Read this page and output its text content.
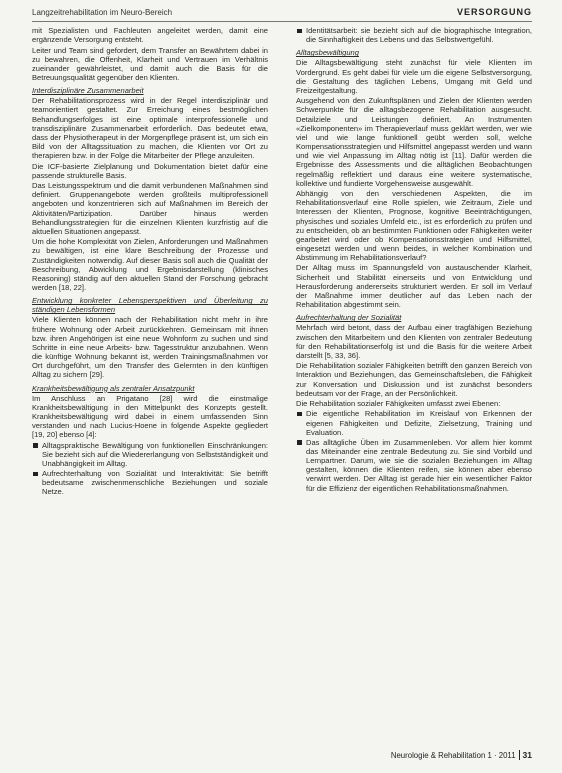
Langzeitrehabilitation im Neuro-Bereich	VERSORGUNG

mit Spezialisten und Fachleuten angeleitet werden, damit eine ergänzende Versorgung entsteht.

Leiter und Team sind gefordert, dem Transfer an Bewährtem dabei in zu bewahren, die Offenheit, Klarheit und Vertrauen im Verhältnis zueinander gewährleistet, und damit auch die Basis für die Betreuungsqualität gegenüber den Klienten.

Interdisziplinäre Zusammenarbeit

Der Rehabilitationsprozess wird in der Regel interdisziplinär und teamorientiert gestaltet. Zur Erreichung eines bestmöglichen Behandlungserfolges ist eine optimale interprofessionelle und transdisziplinäre Zusammenarbeit erforderlich. Das bedeutet etwa, dass der Physiotherapeut in der Morgenpflege präsent ist, um sich ein Bild von der Alltagssituation zu machen, die Klienten vor Ort zu therapieren bzw. in der Folge die Mitarbeiter der Pflege anzuleiten.

Die ICF-basierte Zielplanung und Dokumentation bietet dafür eine passende strukturelle Basis.

Das Leistungsspektrum und die damit verbundenen Maßnahmen sind definiert. Gruppenangebote werden großteils multiprofessionell angeboten und konzentrieren sich auf Maßnahmen im Bereich der Aktivitäten/Partizipation. Darüber hinaus werden Behandlungsstrategien für die einzelnen Klienten kurzfristig auf die aktuellen Situationen angepasst.

Um die hohe Komplexität von Zielen, Anforderungen und Maßnahmen zu bewältigen, ist eine klare Beschreibung der Prozesse und Zuständigkeiten notwendig. Auf dieser Basis soll auch die Qualität der Beschreibung, Abwicklung und Ergebnisdarstellung (klinisches Reasoning) ständig auf den aktuellen Stand der Forschung gebracht werden [18, 22].

Entwicklung konkreter Lebensperspektiven und Überleitung zu ständigen Lebensformen

Viele Klienten können nach der Rehabilitation nicht mehr in ihre frühere Wohnung oder Arbeit zurückkehren. Gemeinsam mit ihnen bzw. ihren Angehörigen ist eine neue Wohnform zu suchen und sind Schritte in eine neue Arbeits- bzw. Tagesstruktur anzubahnen. Wenn die künftige Wohnung bekannt ist, werden Trainingsmaßnahmen vor Ort durchgeführt, um den Transfer des Gelernten in den künftigen Alltag zu sichern [29].

Krankheitsbewältigung als zentraler Ansatzpunkt

Im Anschluss an Prigatano [28] wird die einstmalige Krankheitsbewältigung in den Mittelpunkt des Konzepts gestellt. Krankheitsbewältigung wird dabei in einem umfassenden Sinn verstanden und nach Lucius-Hoene in folgende Aspekte gegliedert [19, 20] ebenso [4]:

Alltagspraktische Bewältigung von funktionellen Einschränkungen: Sie bezieht sich auf die Wiedererlangung von Selbstständigkeit und Unabhängigkeit im Alltag.
Aufrechterhaltung von Sozialität und Interaktivität: Sie betrifft bedeutsame zwischenmenschliche Beziehungen und soziale Netze.
Identitätsarbeit: sie bezieht sich auf die biographische Integration, die Sinnhaftigkeit des Lebens und das Selbstwertgefühl.
Alltagsbewältigung

Die Alltagsbewältigung steht zunächst für viele Klienten im Vordergrund. Es geht dabei für viele um die eigene Selbstversorgung, die Gestaltung des täglichen Lebens, Umgang mit Geld und Freizeitgestaltung.

Ausgehend von den Zukunftsplänen und Zielen der Klienten werden Schwerpunkte für die alltagsbezogene Rehabilitation ausgesucht. Detailziele und Leistungen definiert. An Instrumenten «Zielkomponenten» im Therapieverlauf muss geklärt werden, wer wie viel und wie lange funktionell geübt werden soll, welche Kompensationsstrategien und Hilfsmittel angepasst werden und wann und wie viel Anpassung im Alltag nötig ist [11]. Dafür werden die Ergebnisse des Assessments und die alltäglichen Beobachtungen regelmäßig reflektiert und daraus eine weitere systematische, kollektive und fundierte Vorgehensweise ausgewählt.

Abhängig von den verschiedenen Aspekten, die im Rehabilitationsverlauf eine Rolle spielen, wie Zeitraum, Ziele und Interessen der Klienten, Prognose, kognitive Beeinträchtigungen, physisches und soziales Umfeld etc., ist es erforderlich zu prüfen und zu entscheiden, ob an bestimmten Funktionen oder Fähigkeiten weiter gearbeitet wird oder ob Kompensationsstrategien und Hilfsmittel, eingesetzt werden und wenn beides, in welcher Kombination und Abstimmung im Rehabilitationsverlauf?

Der Alltag muss im Spannungsfeld von austauschender Klarheit, Sicherheit und Stabilität einerseits und von Entwicklung und Herausforderung andererseits strukturiert werden. Er soll im Verlauf der Maßnahme immer deutlicher auf das Leben nach der Rehabilitation abgestimmt sein.

Aufrechterhaltung der Sozialität

Mehrfach wird betont, dass der Aufbau einer tragfähigen Beziehung zwischen den Mitarbeitern und den Klienten von zentraler Bedeutung für den Rehabilitationserfolg ist und die Basis für die weitere Arbeit darstellt [5, 33, 36].

Die Rehabilitation sozialer Fähigkeiten betrifft den ganzen Bereich von Interaktion und Beziehungen, das Gemeinschaftsleben, die Fähigkeit zur Konversation und Diskussion und ist zunächst besonders bedeutsam vor der Frage, an der Persönlichkeit.

Die Rehabilitation sozialer Fähigkeiten umfasst zwei Ebenen:

Die eigentliche Rehabilitation im Kreislauf von Erkennen der eigenen Fähigkeiten und Defizite, Zielsetzung, Training und Evaluation.
Das alltägliche Üben im Zusammenleben. Vor allem hier kommt das Miteinander eine zentrale Bedeutung zu. Sie sind Vorbild und Lernpartner. Darum, wie sie die sozialen Beziehungen im Alltag gestalten, können die Klienten reifen, sie können aber ebenso verwirrt werden. Der Alltag ist gerade hier ein wesentlicher Faktor für die Effizienz der eigentlichen Rehabilitationsmaßnahmen.
Neurologie & Rehabilitation 1 · 2011 31
